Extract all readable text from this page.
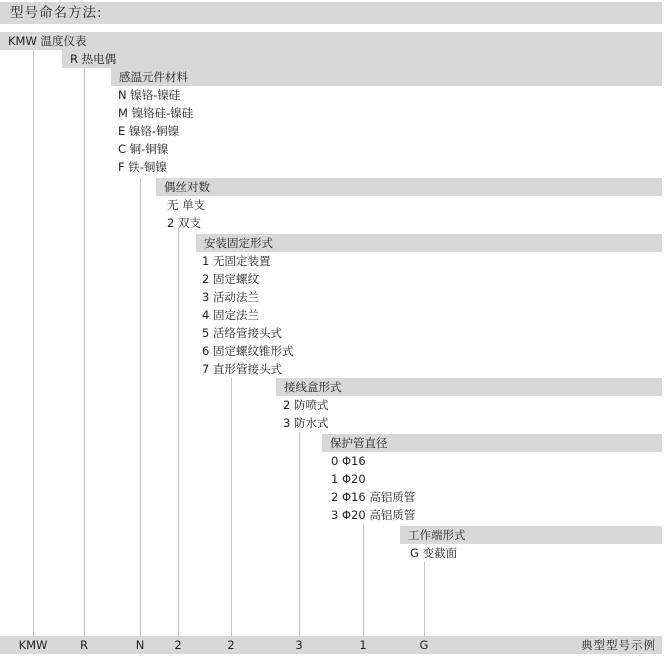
型号命名方法:
KMW 温度仪表
R 热电偶
感温元件材料
N 镍铬-镍硅
M 镍铬硅-镍硅
E 镍铬-铜镍
C 铜-铜镍
F 铁-铜镍
偶丝对数
无 单支
2 双支
安装固定形式
1 无固定装置
2 固定螺纹
3 活动法兰
4 固定法兰
5 活络管接头式
6 固定螺纹锥形式
7 直形管接头式
接线盒形式
2 防喷式
3 防水式
保护管直径
0 Φ16
1 Φ20
2 Φ16 高铝质管
3 Φ20 高铝质管
工作端形式
G 变截面
KMW	R	N	2	2	3	1	G	典型型号示例
